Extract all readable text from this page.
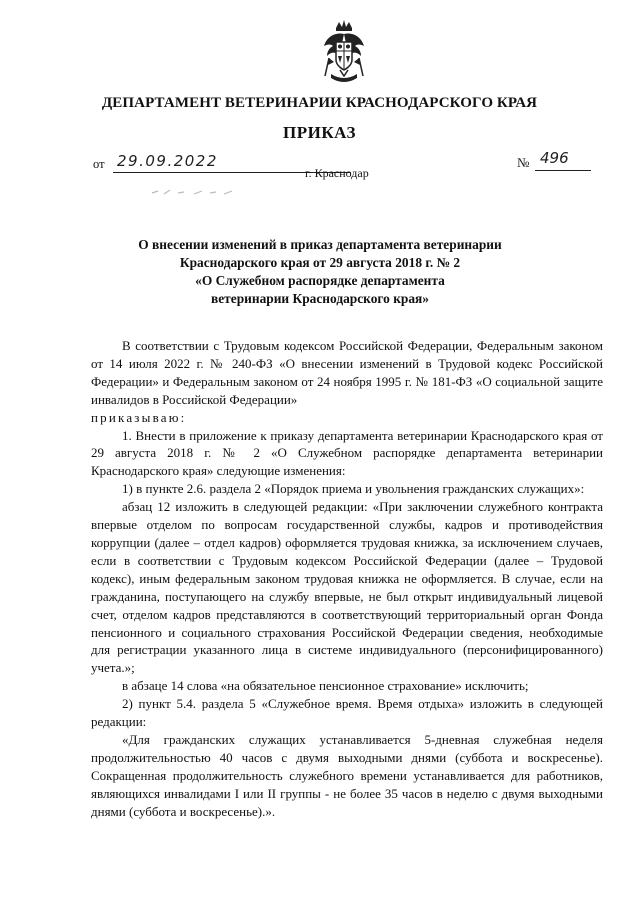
ДЕПАРТАМЕНТ ВЕТЕРИНАРИИ КРАСНОДАРСКОГО КРАЯ
ПРИКАЗ
от 29.09.2022
г. Краснодар
№ 496
О внесении изменений в приказ департамента ветеринарии
Краснодарского края от 29 августа 2018 г. № 2
«О Служебном распорядке департамента
ветеринарии Краснодарского края»

В соответствии с Трудовым кодексом Российской Федерации, Федеральным законом от 14 июля 2022 г. № 240-ФЗ «О внесении изменений в Трудовой кодекс Российской Федерации» и Федеральным законом от 24 ноября 1995 г. № 181-ФЗ «О социальной защите инвалидов в Российской Федерации»

приказываю:

1. Внести в приложение к приказу департамента ветеринарии Краснодарского края от 29 августа 2018 г. № 2 «О Служебном распорядке департамента ветеринарии Краснодарского края» следующие изменения:

1) в пункте 2.6. раздела 2 «Порядок приема и увольнения гражданских служащих»:

абзац 12 изложить в следующей редакции: «При заключении служебного контракта впервые отделом по вопросам государственной службы, кадров и противодействия коррупции (далее – отдел кадров) оформляется трудовая книжка, за исключением случаев, если в соответствии с Трудовым кодексом Российской Федерации (далее – Трудовой кодекс), иным федеральным законом трудовая книжка не оформляется. В случае, если на гражданина, поступающего на службу впервые, не был открыт индивидуальный лицевой счет, отделом кадров представляются в соответствующий территориальный орган Фонда пенсионного и социального страхования Российской Федерации сведения, необходимые для регистрации указанного лица в системе индивидуального (персонифицированного) учета.»;

в абзаце 14 слова «на обязательное пенсионное страхование» исключить;

2) пункт 5.4. раздела 5 «Служебное время. Время отдыха» изложить в следующей редакции:

«Для гражданских служащих устанавливается 5-дневная служебная неделя продолжительностью 40 часов с двумя выходными днями (суббота и воскресенье). Сокращенная продолжительность служебного времени устанавливается для работников, являющихся инвалидами I или II группы - не более 35 часов в неделю с двумя выходными днями (суббота и воскресенье).».
